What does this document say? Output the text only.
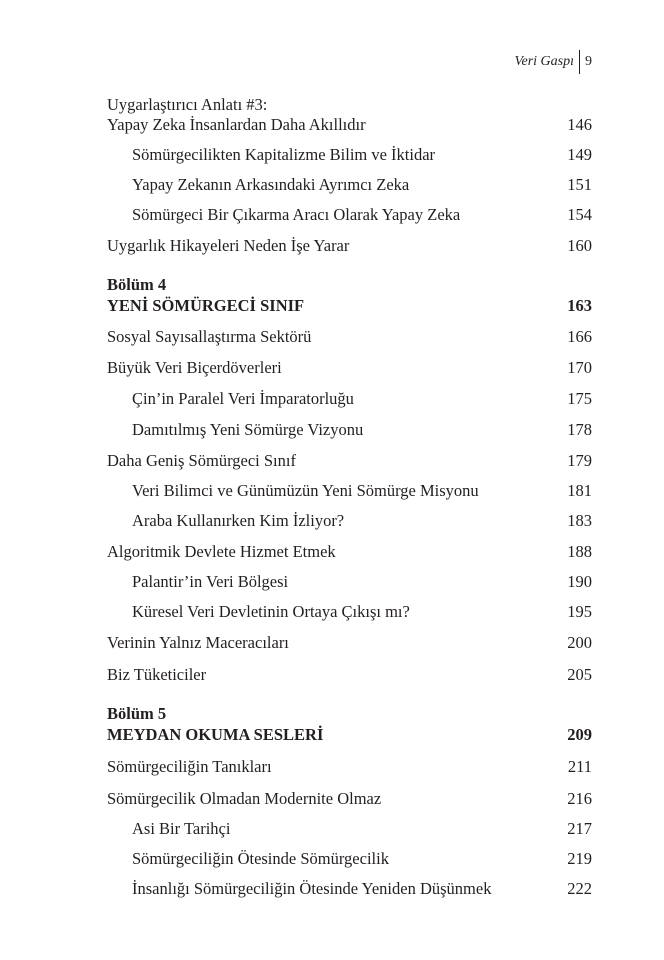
Veri Gaspı 9
Uygarlaştırıcı Anlatı #3:
Yapay Zeka İnsanlardan Daha Akıllıdır	146
Sömürgecilikten Kapitalizme Bilim ve İktidar	149
Yapay Zekanın Arkasındaki Ayrımcı Zeka	151
Sömürgeci Bir Çıkarma Aracı Olarak Yapay Zeka	154
Uygarlık Hikayeleri Neden İşe Yarar	160
Bölüm 4
YENİ SÖMÜRGECİ SINIF	163
Sosyal Sayısallaştırma Sektörü	166
Büyük Veri Biçerdöverleri	170
Çin’in Paralel Veri İmparatorluğu	175
Damıtılmış Yeni Sömürge Vizyonu	178
Daha Geniş Sömürgeci Sınıf	179
Veri Bilimci ve Günümüzün Yeni Sömürge Misyonu	181
Araba Kullanırken Kim İzliyor?	183
Algoritmik Devlete Hizmet Etmek	188
Palantir’in Veri Bölgesi	190
Küresel Veri Devletinin Ortaya Çıkışı mı?	195
Verinin Yalnız Maceracıları	200
Biz Tüketiciler	205
Bölüm 5
MEYDAN OKUMA SESLERİ	209
Sömürgeciliğin Tanıkları	211
Sömürgecilik Olmadan Modernite Olmaz	216
Asi Bir Tarihçi	217
Sömürgeciliğin Ötesinde Sömürgecilik	219
İnsanlığı Sömürgeciliğin Ötesinde Yeniden Düşünmek	222
